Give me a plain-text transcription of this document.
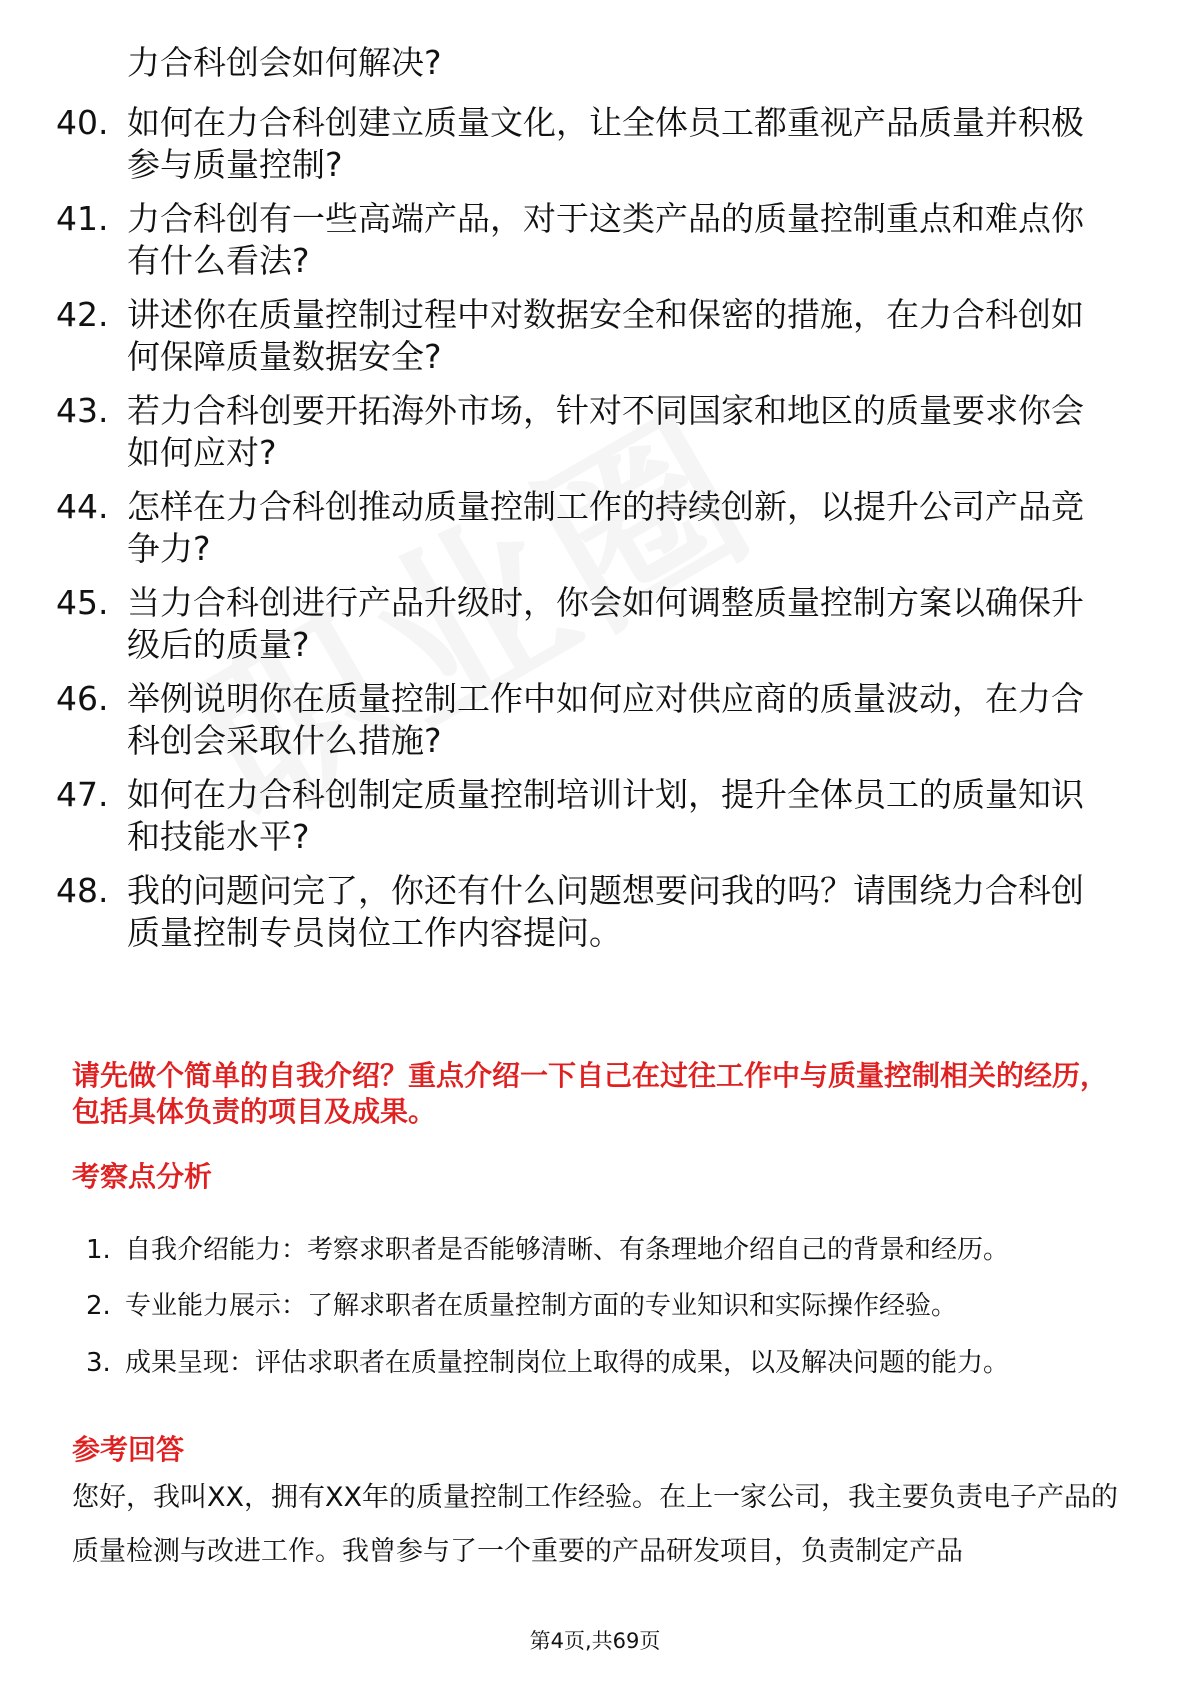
力合科创会如何解决?
40. 如何在力合科创建立质量文化，让全体员工都重视产品质量并积极参与质量控制?
41. 力合科创有一些高端产品，对于这类产品的质量控制重点和难点你有什么看法?
42. 讲述你在质量控制过程中对数据安全和保密的措施，在力合科创如何保障质量数据安全?
43. 若力合科创要开拓海外市场，针对不同国家和地区的质量要求你会如何应对?
44. 怎样在力合科创推动质量控制工作的持续创新，以提升公司产品竞争力?
45. 当力合科创进行产品升级时，你会如何调整质量控制方案以确保升级后的质量?
46. 举例说明你在质量控制工作中如何应对供应商的质量波动，在力合科创会采取什么措施?
47. 如何在力合科创制定质量控制培训计划，提升全体员工的质量知识和技能水平?
48. 我的问题问完了，你还有什么问题想要问我的吗？请围绕力合科创质量控制专员岗位工作内容提问。
请先做个简单的自我介绍？重点介绍一下自己在过往工作中与质量控制相关的经历，包括具体负责的项目及成果。
考察点分析
1. 自我介绍能力：考察求职者是否能够清晰、有条理地介绍自己的背景和经历。
2. 专业能力展示：了解求职者在质量控制方面的专业知识和实际操作经验。
3. 成果呈现：评估求职者在质量控制岗位上取得的成果，以及解决问题的能力。
参考回答
您好，我叫XX，拥有XX年的质量控制工作经验。在上一家公司，我主要负责电子产品的质量检测与改进工作。我曾参与了一个重要的产品研发项目，负责制定产品
第4页,共69页
